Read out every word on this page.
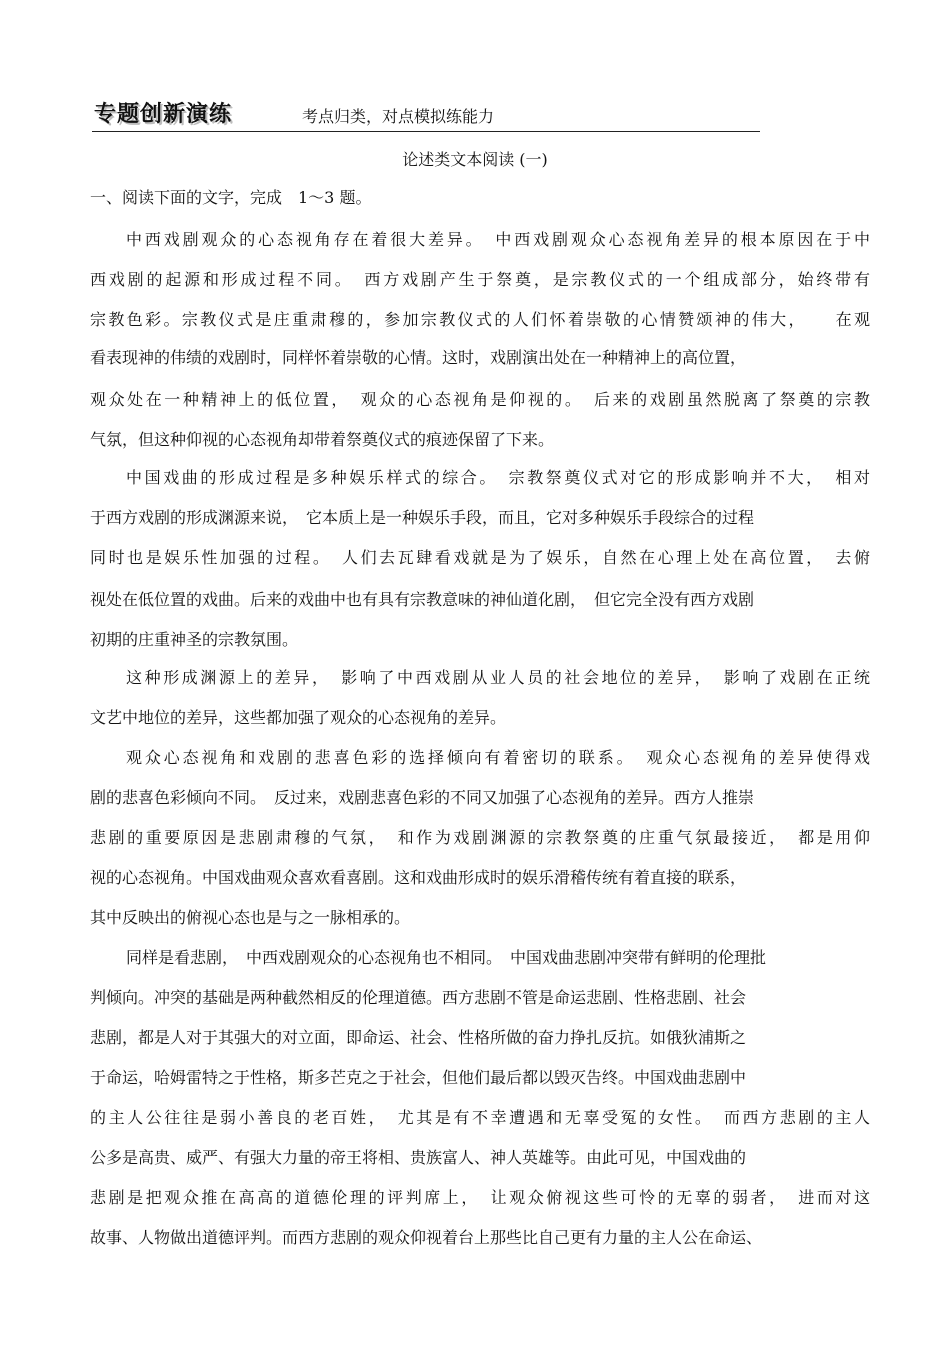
专题创新演练	考点归类，对点模拟练能力
论述类文本阅读 (一)
一、阅读下面的文字，完成　1～3 题。
中西戏剧观众的心态视角存在着很大差异。　中西戏剧观众心态视角差异的根本原因在于中
西戏剧的起源和形成过程不同。　西方戏剧产生于祭奠，是宗教仪式的一个组成部分，始终带有
宗教色彩。宗教仪式是庄重肃穆的，参加宗教仪式的人们怀着崇敬的心情赞颂神的伟大，　　在观
看表现神的伟绩的戏剧时，同样怀着崇敬的心情。这时，戏剧演出处在一种精神上的高位置，
观众处在一种精神上的低位置，　观众的心态视角是仰视的。　后来的戏剧虽然脱离了祭奠的宗教
气氛，但这种仰视的心态视角却带着祭奠仪式的痕迹保留了下来。
中国戏曲的形成过程是多种娱乐样式的综合。　宗教祭奠仪式对它的形成影响并不大，　相对
于西方戏剧的形成渊源来说，　它本质上是一种娱乐手段，而且，它对多种娱乐手段综合的过程
同时也是娱乐性加强的过程。　人们去瓦肆看戏就是为了娱乐，自然在心理上处在高位置，　去俯
视处在低位置的戏曲。后来的戏曲中也有具有宗教意味的神仙道化剧，　但它完全没有西方戏剧
初期的庄重神圣的宗教氛围。
这种形成渊源上的差异，　影响了中西戏剧从业人员的社会地位的差异，　影响了戏剧在正统
文艺中地位的差异，这些都加强了观众的心态视角的差异。
观众心态视角和戏剧的悲喜色彩的选择倾向有着密切的联系。　观众心态视角的差异使得戏
剧的悲喜色彩倾向不同。　反过来，戏剧悲喜色彩的不同又加强了心态视角的差异。西方人推崇
悲剧的重要原因是悲剧肃穆的气氛，　和作为戏剧渊源的宗教祭奠的庄重气氛最接近，　都是用仰
视的心态视角。中国戏曲观众喜欢看喜剧。这和戏曲形成时的娱乐滑稽传统有着直接的联系，
其中反映出的俯视心态也是与之一脉相承的。
同样是看悲剧，　中西戏剧观众的心态视角也不相同。　中国戏曲悲剧冲突带有鲜明的伦理批
判倾向。冲突的基础是两种截然相反的伦理道德。西方悲剧不管是命运悲剧、性格悲剧、社会
悲剧，都是人对于其强大的对立面，即命运、社会、性格所做的奋力挣扎反抗。如俄狄浦斯之
于命运，哈姆雷特之于性格，斯多芒克之于社会，但他们最后都以毁灭告终。中国戏曲悲剧中
的主人公往往是弱小善良的老百姓，　尤其是有不幸遭遇和无辜受冤的女性。　而西方悲剧的主人
公多是高贵、威严、有强大力量的帝王将相、贵族富人、神人英雄等。由此可见，中国戏曲的
悲剧是把观众推在高高的道德伦理的评判席上，　让观众俯视这些可怜的无辜的弱者，　进而对这
故事、人物做出道德评判。而西方悲剧的观众仰视着台上那些比自己更有力量的主人公在命运、
